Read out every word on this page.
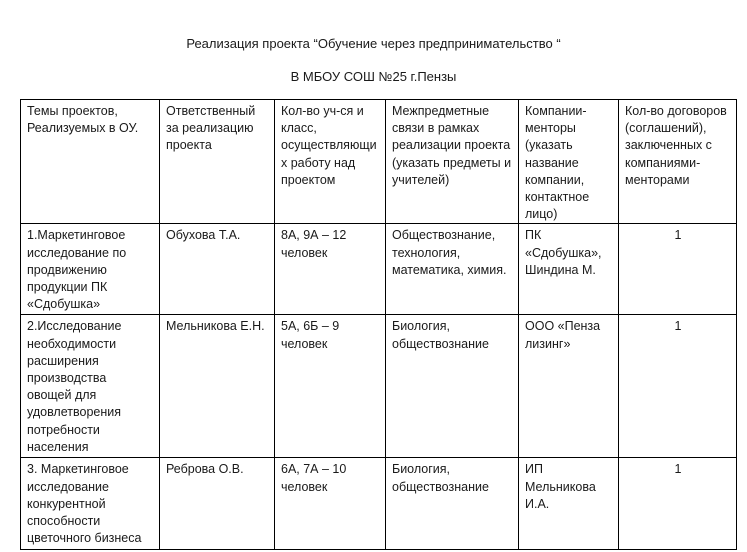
Реализация проекта “Обучение через предпринимательство “
В МБОУ СОШ №25 г.Пензы
Темы проектов, Реализуемых в ОУ.	Ответственный за реализацию проекта	Кол-во уч-ся и класс, осуществляющих работу над проектом	Межпредметные связи в рамках реализации проекта (указать предметы и учителей)	Компании-менторы (указать название компании, контактное лицо)	Кол-во договоров (соглашений), заключенных с компаниями-менторами
1.Маркетинговое исследование по продвижению продукции ПК «Сдобушка»	Обухова Т.А.	8А, 9А – 12 человек	Обществознание, технология, математика, химия.	ПК «Сдобушка», Шиндина М.	1
2.Исследование необходимости расширения производства овощей для удовлетворения потребности населения	Мельникова Е.Н.	5А, 6Б – 9 человек	Биология, обществознание	ООО «Пенза лизинг»	1
3. Маркетинговое исследование конкурентной способности цветочного бизнеса	Реброва О.В.	6А, 7А – 10 человек	Биология, обществознание	ИП Мельникова И.А.	1
